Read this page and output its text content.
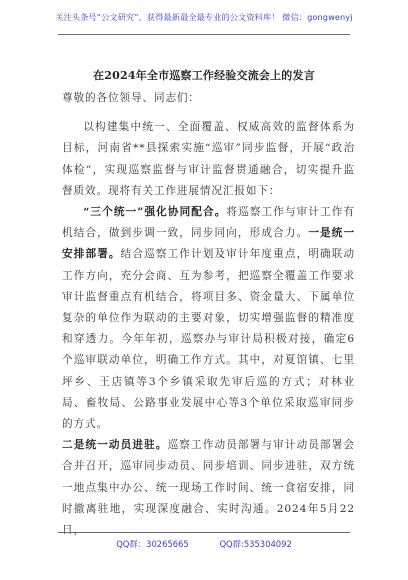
关注头条号“公文研究”，获得最新最全最专业的公文资料库！ 微信：gongwenyj
在2024年全市巡察工作经验交流会上的发言

尊敬的各位领导、同志们：

以构建集中统一、全面覆盖、权威高效的监督体系为目标，河南省**县探索实施“巡审”同步监督，开展“政治体检”，实现巡察监督与审计监督贯通融合，切实提升监督质效。现将有关工作进展情况汇报如下：

“三个统一”强化协同配合。将巡察工作与审计工作有机结合，做到步调一致，同步同向，形成合力。一是统一安排部署。结合巡察工作计划及审计年度重点，明确联动工作方向，充分会商、互为参考，把巡察全覆盖工作要求审计监督重点有机结合，将项目多、资金量大、下属单位复杂的单位作为联动的主要对象，切实增强监督的精准度和穿透力。今年年初，巡察办与审计局积极对接，确定6个巡审联动单位，明确工作方式。其中，对夏馆镇、七里坪乡、王店镇等3个乡镇采取先审后巡的方式；对林业局、畜牧局、公路事业发展中心等3个单位采取巡审同步的方式。

二是统一动员进驻。巡察工作动员部署与审计动员部署会合并召开，巡审同步动员、同步培训、同步进驻，双方统一地点集中办公、统一现场工作时间、统一食宿安排，同时撤离驻地，实现深度融合、实时沟通。2024年5月22日，

QQ群：30265665	QQ群:535304092
